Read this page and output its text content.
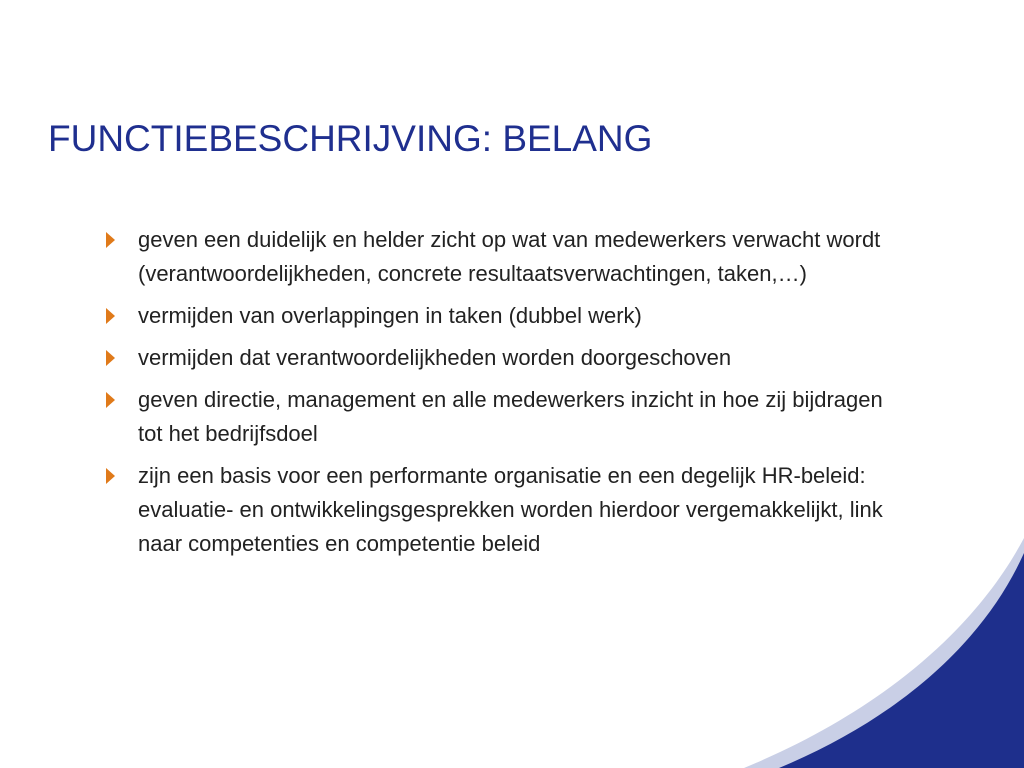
FUNCTIEBESCHRIJVING: BELANG
geven een duidelijk en helder zicht op wat van medewerkers verwacht wordt (verantwoordelijkheden, concrete resultaatsverwachtingen, taken,…)
vermijden van overlappingen in taken (dubbel werk)
vermijden dat verantwoordelijkheden worden doorgeschoven
geven directie, management en alle medewerkers inzicht in hoe zij bijdragen tot het bedrijfsdoel
zijn een basis voor een performante organisatie en een degelijk HR-beleid: evaluatie- en ontwikkelingsgesprekken worden hierdoor vergemakkelijkt, link naar competenties en competentie beleid
